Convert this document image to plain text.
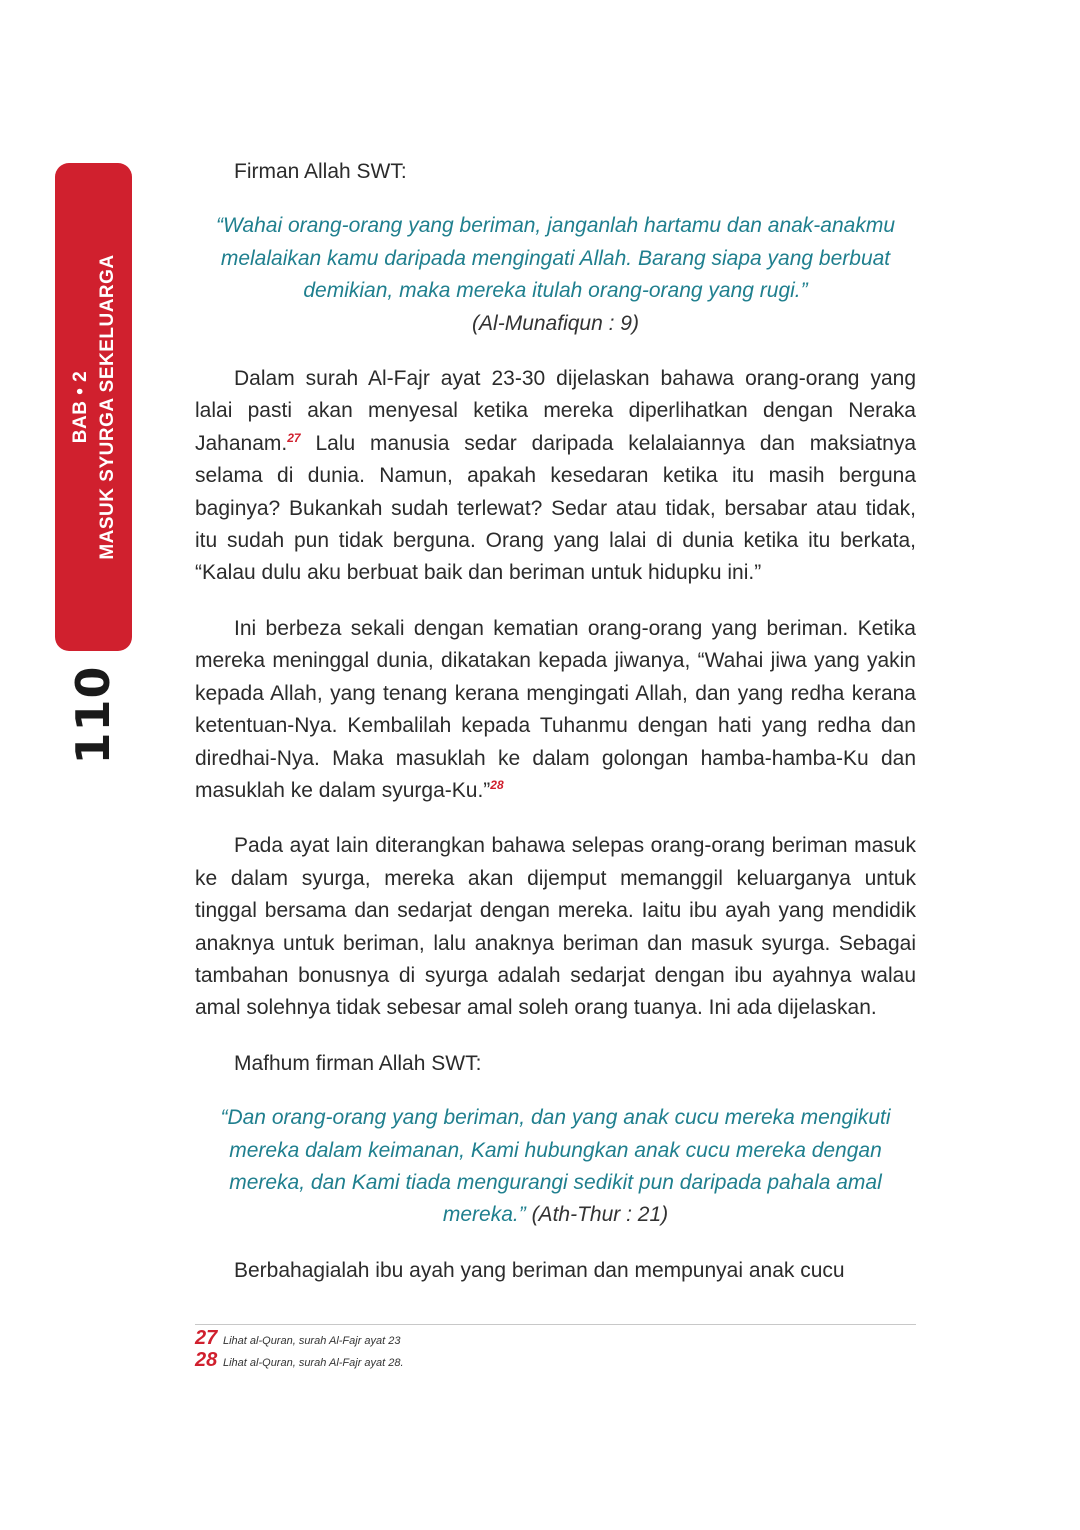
BAB • 2 MASUK SYURGA SEKELUARGA
110

Firman Allah SWT:

“Wahai orang-orang yang beriman, janganlah hartamu dan anak-anakmu melalaikan kamu daripada mengingati Allah. Barang siapa yang berbuat demikian, maka mereka itulah orang-orang yang rugi.”
(Al-Munafiqun : 9)

Dalam surah Al-Fajr ayat 23-30 dijelaskan bahawa orang-orang yang lalai pasti akan menyesal ketika mereka diperlihatkan dengan Neraka Jahanam.$^{27}$ Lalu manusia sedar daripada kelalaiannya dan maksiatnya selama di dunia. Namun, apakah kesedaran ketika itu masih berguna baginya? Bukankah sudah terlewat? Sedar atau tidak, bersabar atau tidak, itu sudah pun tidak berguna. Orang yang lalai di dunia ketika itu berkata, “Kalau dulu aku berbuat baik dan beriman untuk hidupku ini.”

Ini berbeza sekali dengan kematian orang-orang yang beriman. Ketika mereka meninggal dunia, dikatakan kepada jiwanya, “Wahai jiwa yang yakin kepada Allah, yang tenang kerana mengingati Allah, dan yang redha kerana ketentuan-Nya. Kembalilah kepada Tuhanmu dengan hati yang redha dan diredhai-Nya. Maka masuklah ke dalam golongan hamba-hamba-Ku dan masuklah ke dalam syurga-Ku.”$^{28}$

Pada ayat lain diterangkan bahawa selepas orang-orang beriman masuk ke dalam syurga, mereka akan dijemput memanggil keluarganya untuk tinggal bersama dan sedarjat dengan mereka. Iaitu ibu ayah yang mendidik anaknya untuk beriman, lalu anaknya beriman dan masuk syurga. Sebagai tambahan bonusnya di syurga adalah sedarjat dengan ibu ayahnya walau amal solehnya tidak sebesar amal soleh orang tuanya. Ini ada dijelaskan.

Mafhum firman Allah SWT:

“Dan orang-orang yang beriman, dan yang anak cucu mereka mengikuti mereka dalam keimanan, Kami hubungkan anak cucu mereka dengan mereka, dan Kami tiada mengurangi sedikit pun daripada pahala amal mereka.” (Ath-Thur : 21)

Berbahagialah ibu ayah yang beriman dan mempunyai anak cucu

27 Lihat al-Quran, surah Al-Fajr ayat 23
28 Lihat al-Quran, surah Al-Fajr ayat 28.
